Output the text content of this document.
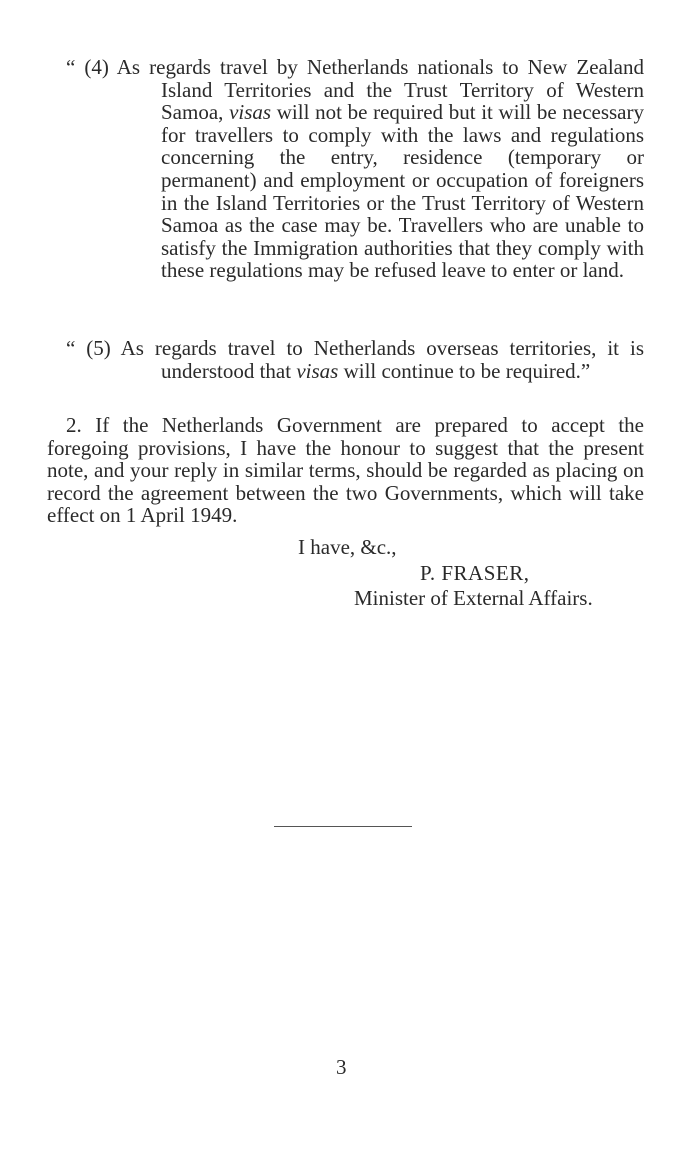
“ (4) As regards travel by Netherlands nationals to New Zealand Island Territories and the Trust Territory of Western Samoa, visas will not be required but it will be necessary for travellers to comply with the laws and regulations concerning the entry, residence (temporary or permanent) and employment or occupation of foreigners in the Island Territories or the Trust Territory of Western Samoa as the case may be. Travellers who are unable to satisfy the Immigration authorities that they comply with these regulations may be refused leave to enter or land.

“ (5) As regards travel to Netherlands overseas territories, it is understood that visas will continue to be required.”

2. If the Netherlands Government are prepared to accept the foregoing provisions, I have the honour to suggest that the present note, and your reply in similar terms, should be regarded as placing on record the agreement between the two Governments, which will take effect on 1 April 1949.

I have, &c.,
P. FRASER,
Minister of External Affairs.
3
